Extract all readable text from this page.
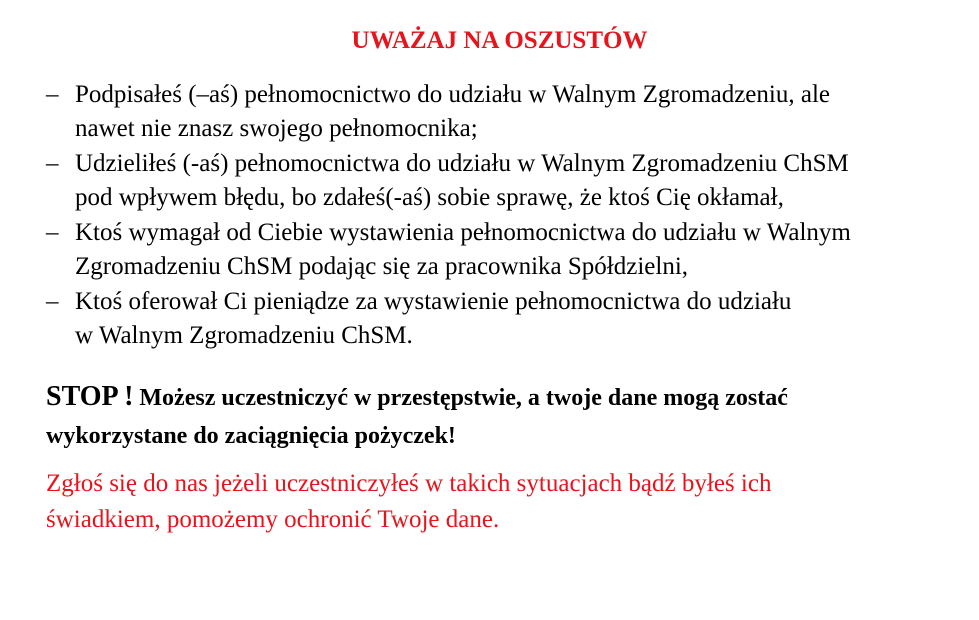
UWAŻAJ NA OSZUSTÓW
– Podpisałeś (–aś) pełnomocnictwo do udziału w Walnym Zgromadzeniu, ale
nawet nie znasz swojego pełnomocnika;
– Udzieliłeś (-aś) pełnomocnictwa do udziału w Walnym Zgromadzeniu ChSM
pod wpływem błędu, bo zdałeś(-aś) sobie sprawę, że ktoś Cię okłamał,
– Ktoś wymagał od Ciebie wystawienia pełnomocnictwa do udziału w Walnym
Zgromadzeniu ChSM podając się za pracownika Spółdzielni,
– Ktoś oferował Ci pieniądze za wystawienie pełnomocnictwa do udziału
w Walnym Zgromadzeniu ChSM.

STOP ! Możesz uczestniczyć w przestępstwie, a twoje dane mogą zostać
wykorzystane do zaciągnięcia pożyczek!

Zgłoś się do nas jeżeli uczestniczyłeś w takich sytuacjach bądź byłeś ich
świadkiem, pomożemy ochronić Twoje dane.
